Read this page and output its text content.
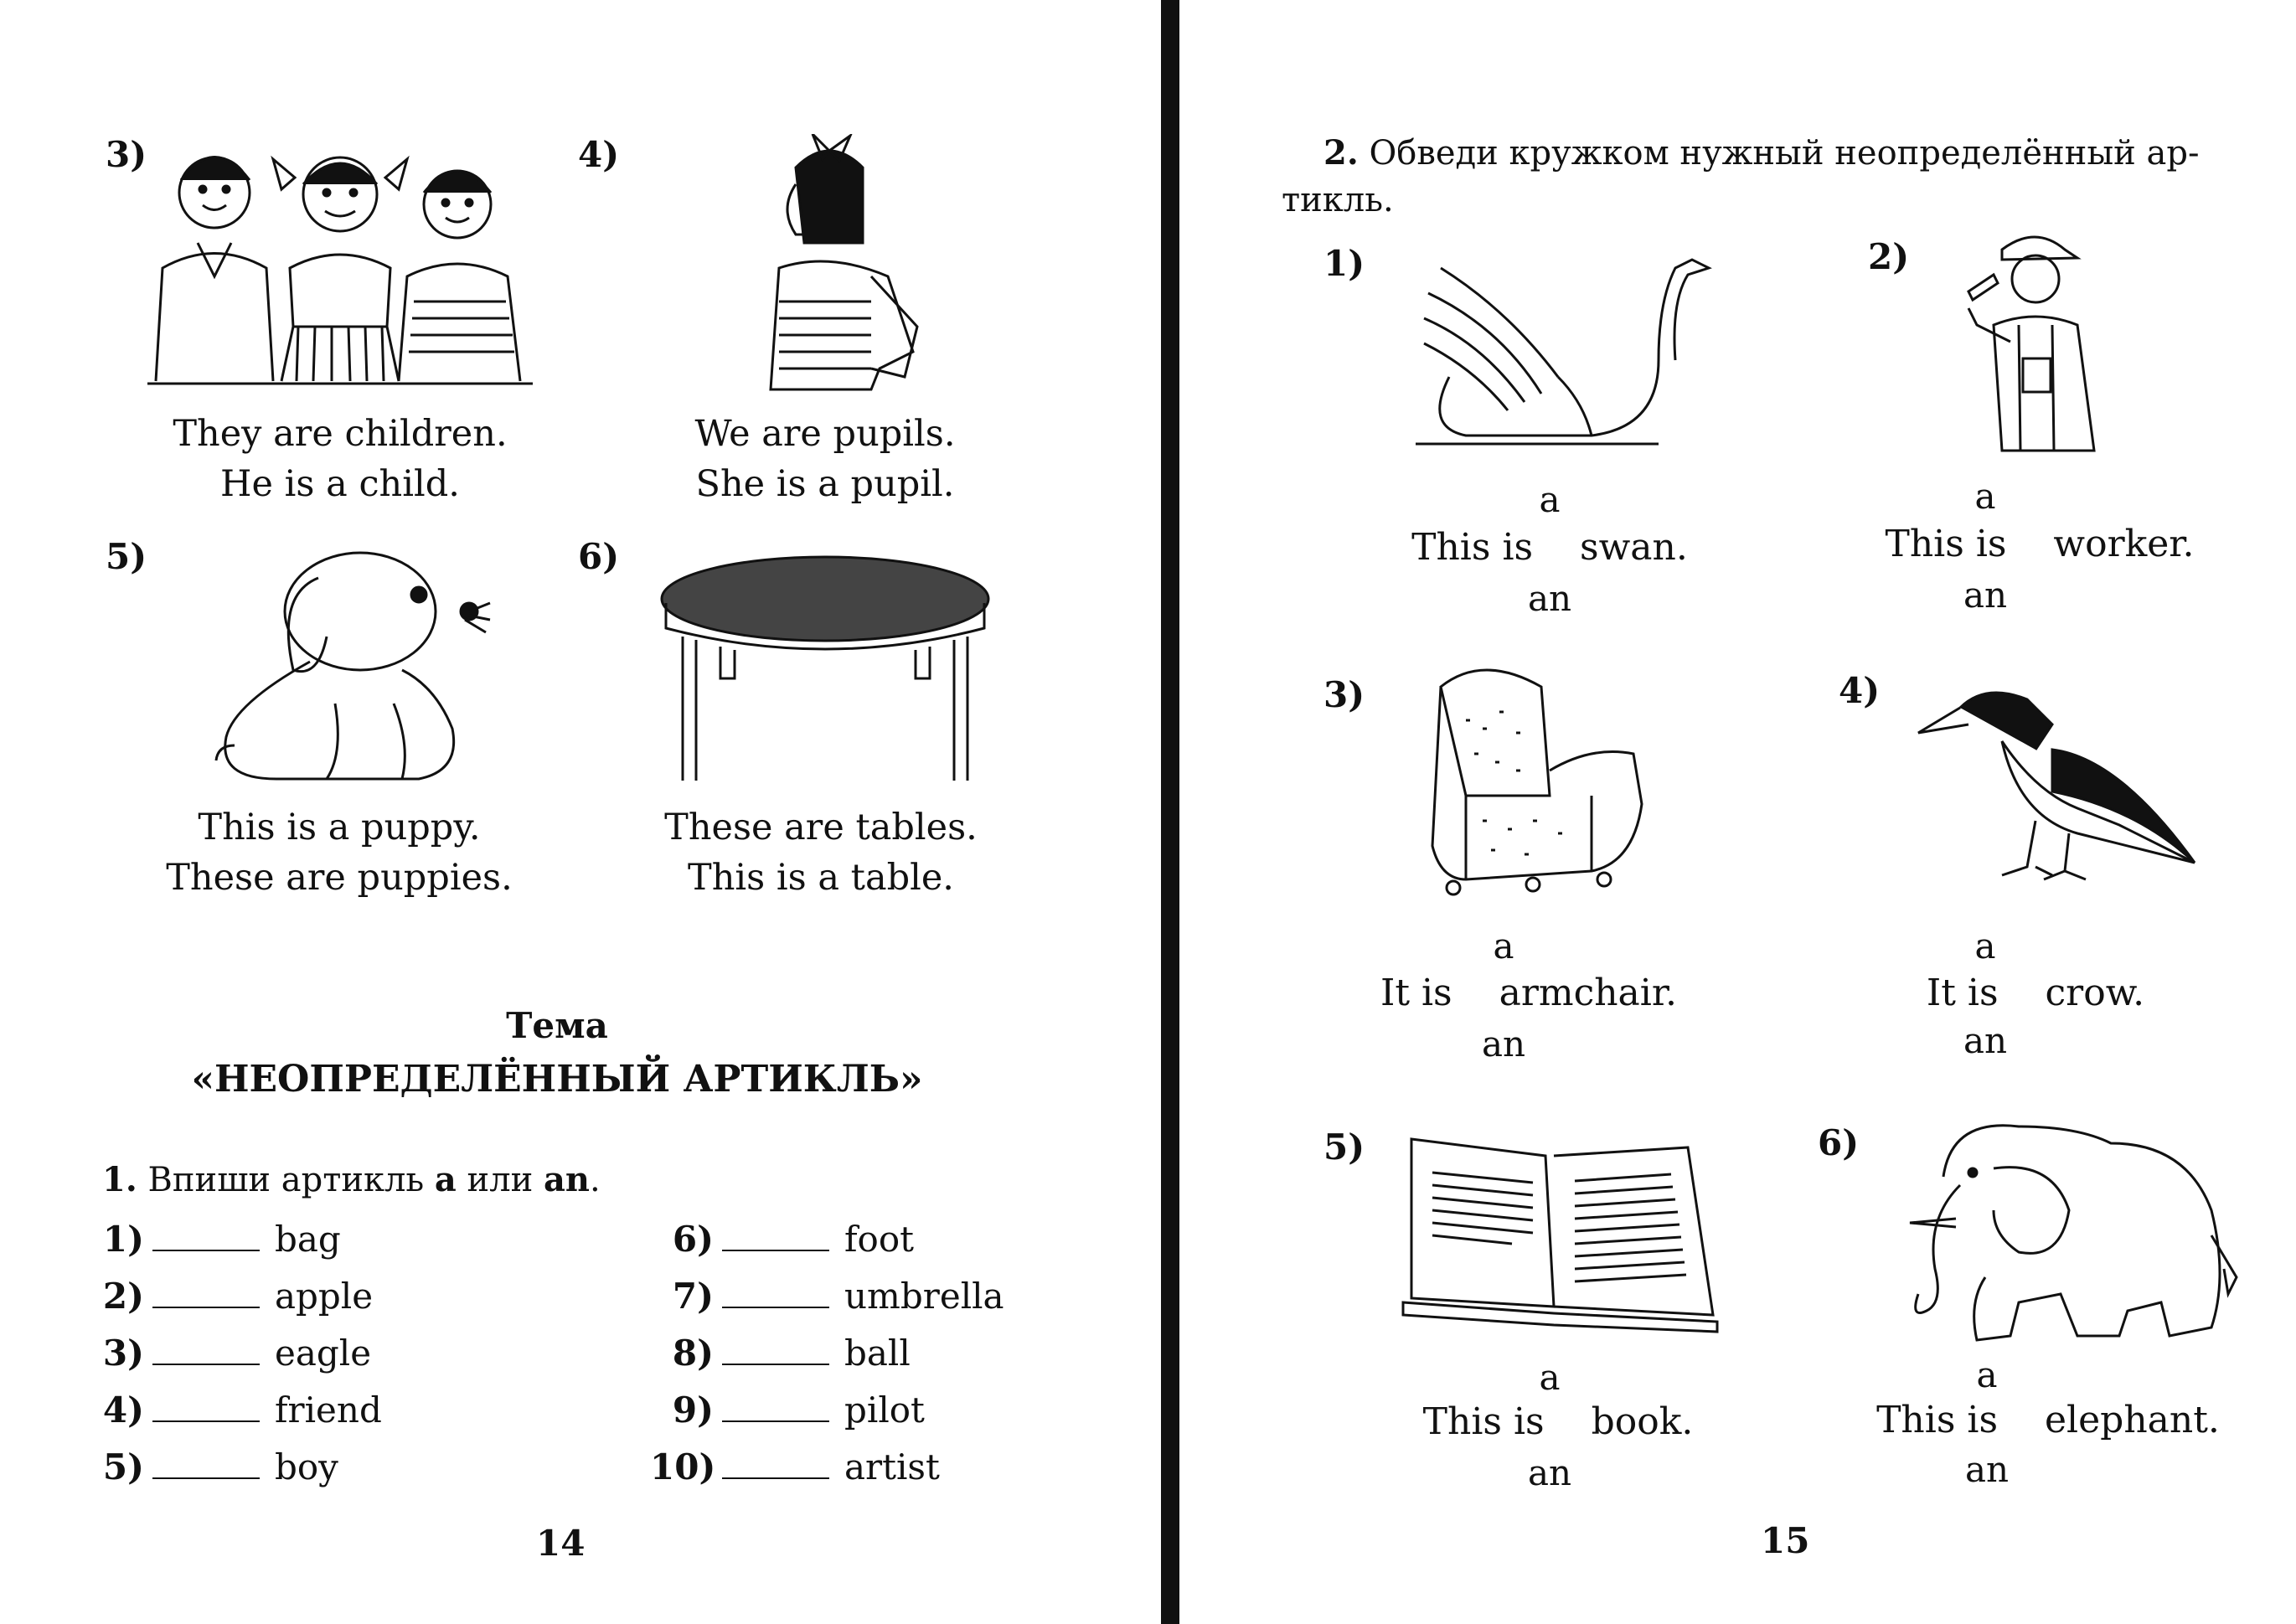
3)
They are children.
He is a child.
4)
We are pupils.
She is a pupil.
5)
This is a puppy.
These are puppies.
6)
These are tables.
This is a table.
Тема
«НЕОПРЕДЕЛЁННЫЙ АРТИКЛЬ»
1. Впиши артикль a или an.
1)	bag
2)	apple
3)	eagle
4)	friend
5)	boy
6)	foot
7)	umbrella
8)	ball
9)	pilot
10)	artist
14
2. Обведи кружком нужный неопределённый ар-
тикль.
1)	2)
a
This is    swan.
an
a
This is    worker.
an
3)	4)
a
It is    armchair.
an
a
It is    crow.
an
5)	6)
a
This is    book.
an
a
This is    elephant.
an
15
